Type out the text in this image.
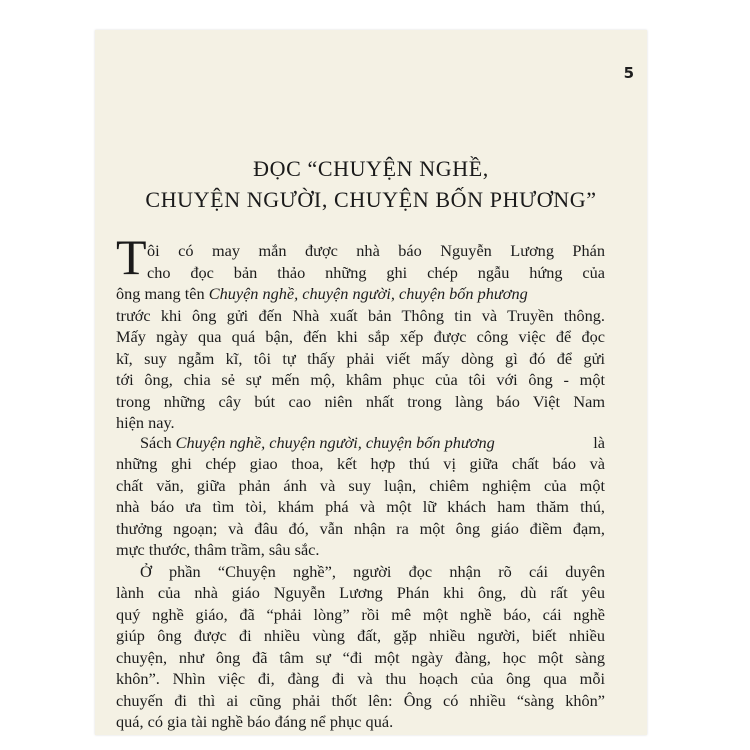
5
ĐỌC “CHUYỆN NGHỀ,
CHUYỆN NGƯỜI, CHUYỆN BỐN PHƯƠNG”
T ôi có may mắn được nhà báo Nguyễn Lương Phán
cho đọc bản thảo những ghi chép ngẫu hứng của
ông mang tên Chuyện nghề, chuyện người, chuyện bốn phương
trước khi ông gửi đến Nhà xuất bản Thông tin và Truyền thông.
Mấy ngày qua quá bận, đến khi sắp xếp được công việc để đọc
kĩ, suy ngẫm kĩ, tôi tự thấy phải viết mấy dòng gì đó để gửi
tới ông, chia sẻ sự mến mộ, khâm phục của tôi với ông - một
trong những cây bút cao niên nhất trong làng báo Việt Nam
hiện nay.
Sách Chuyện nghề, chuyện người, chuyện bốn phương	là
những ghi chép giao thoa, kết hợp thú vị giữa chất báo và
chất văn, giữa phản ánh và suy luận, chiêm nghiệm của một
nhà báo ưa tìm tòi, khám phá và một lữ khách ham thăm thú,
thưởng ngoạn; và đâu đó, vẫn nhận ra một ông giáo điềm đạm,
mực thước, thâm trầm, sâu sắc.
Ở phần “Chuyện nghề”, người đọc nhận rõ cái duyên
lành của nhà giáo Nguyễn Lương Phán khi ông, dù rất yêu
quý nghề giáo, đã “phải lòng” rồi mê một nghề báo, cái nghề
giúp ông được đi nhiều vùng đất, gặp nhiều người, biết nhiều
chuyện, như ông đã tâm sự “đi một ngày đàng, học một sàng
khôn”. Nhìn việc đi, đàng đi và thu hoạch của ông qua mỗi
chuyến đi thì ai cũng phải thốt lên: Ông có nhiều “sàng khôn”
quá, có gia tài nghề báo đáng nể phục quá.
